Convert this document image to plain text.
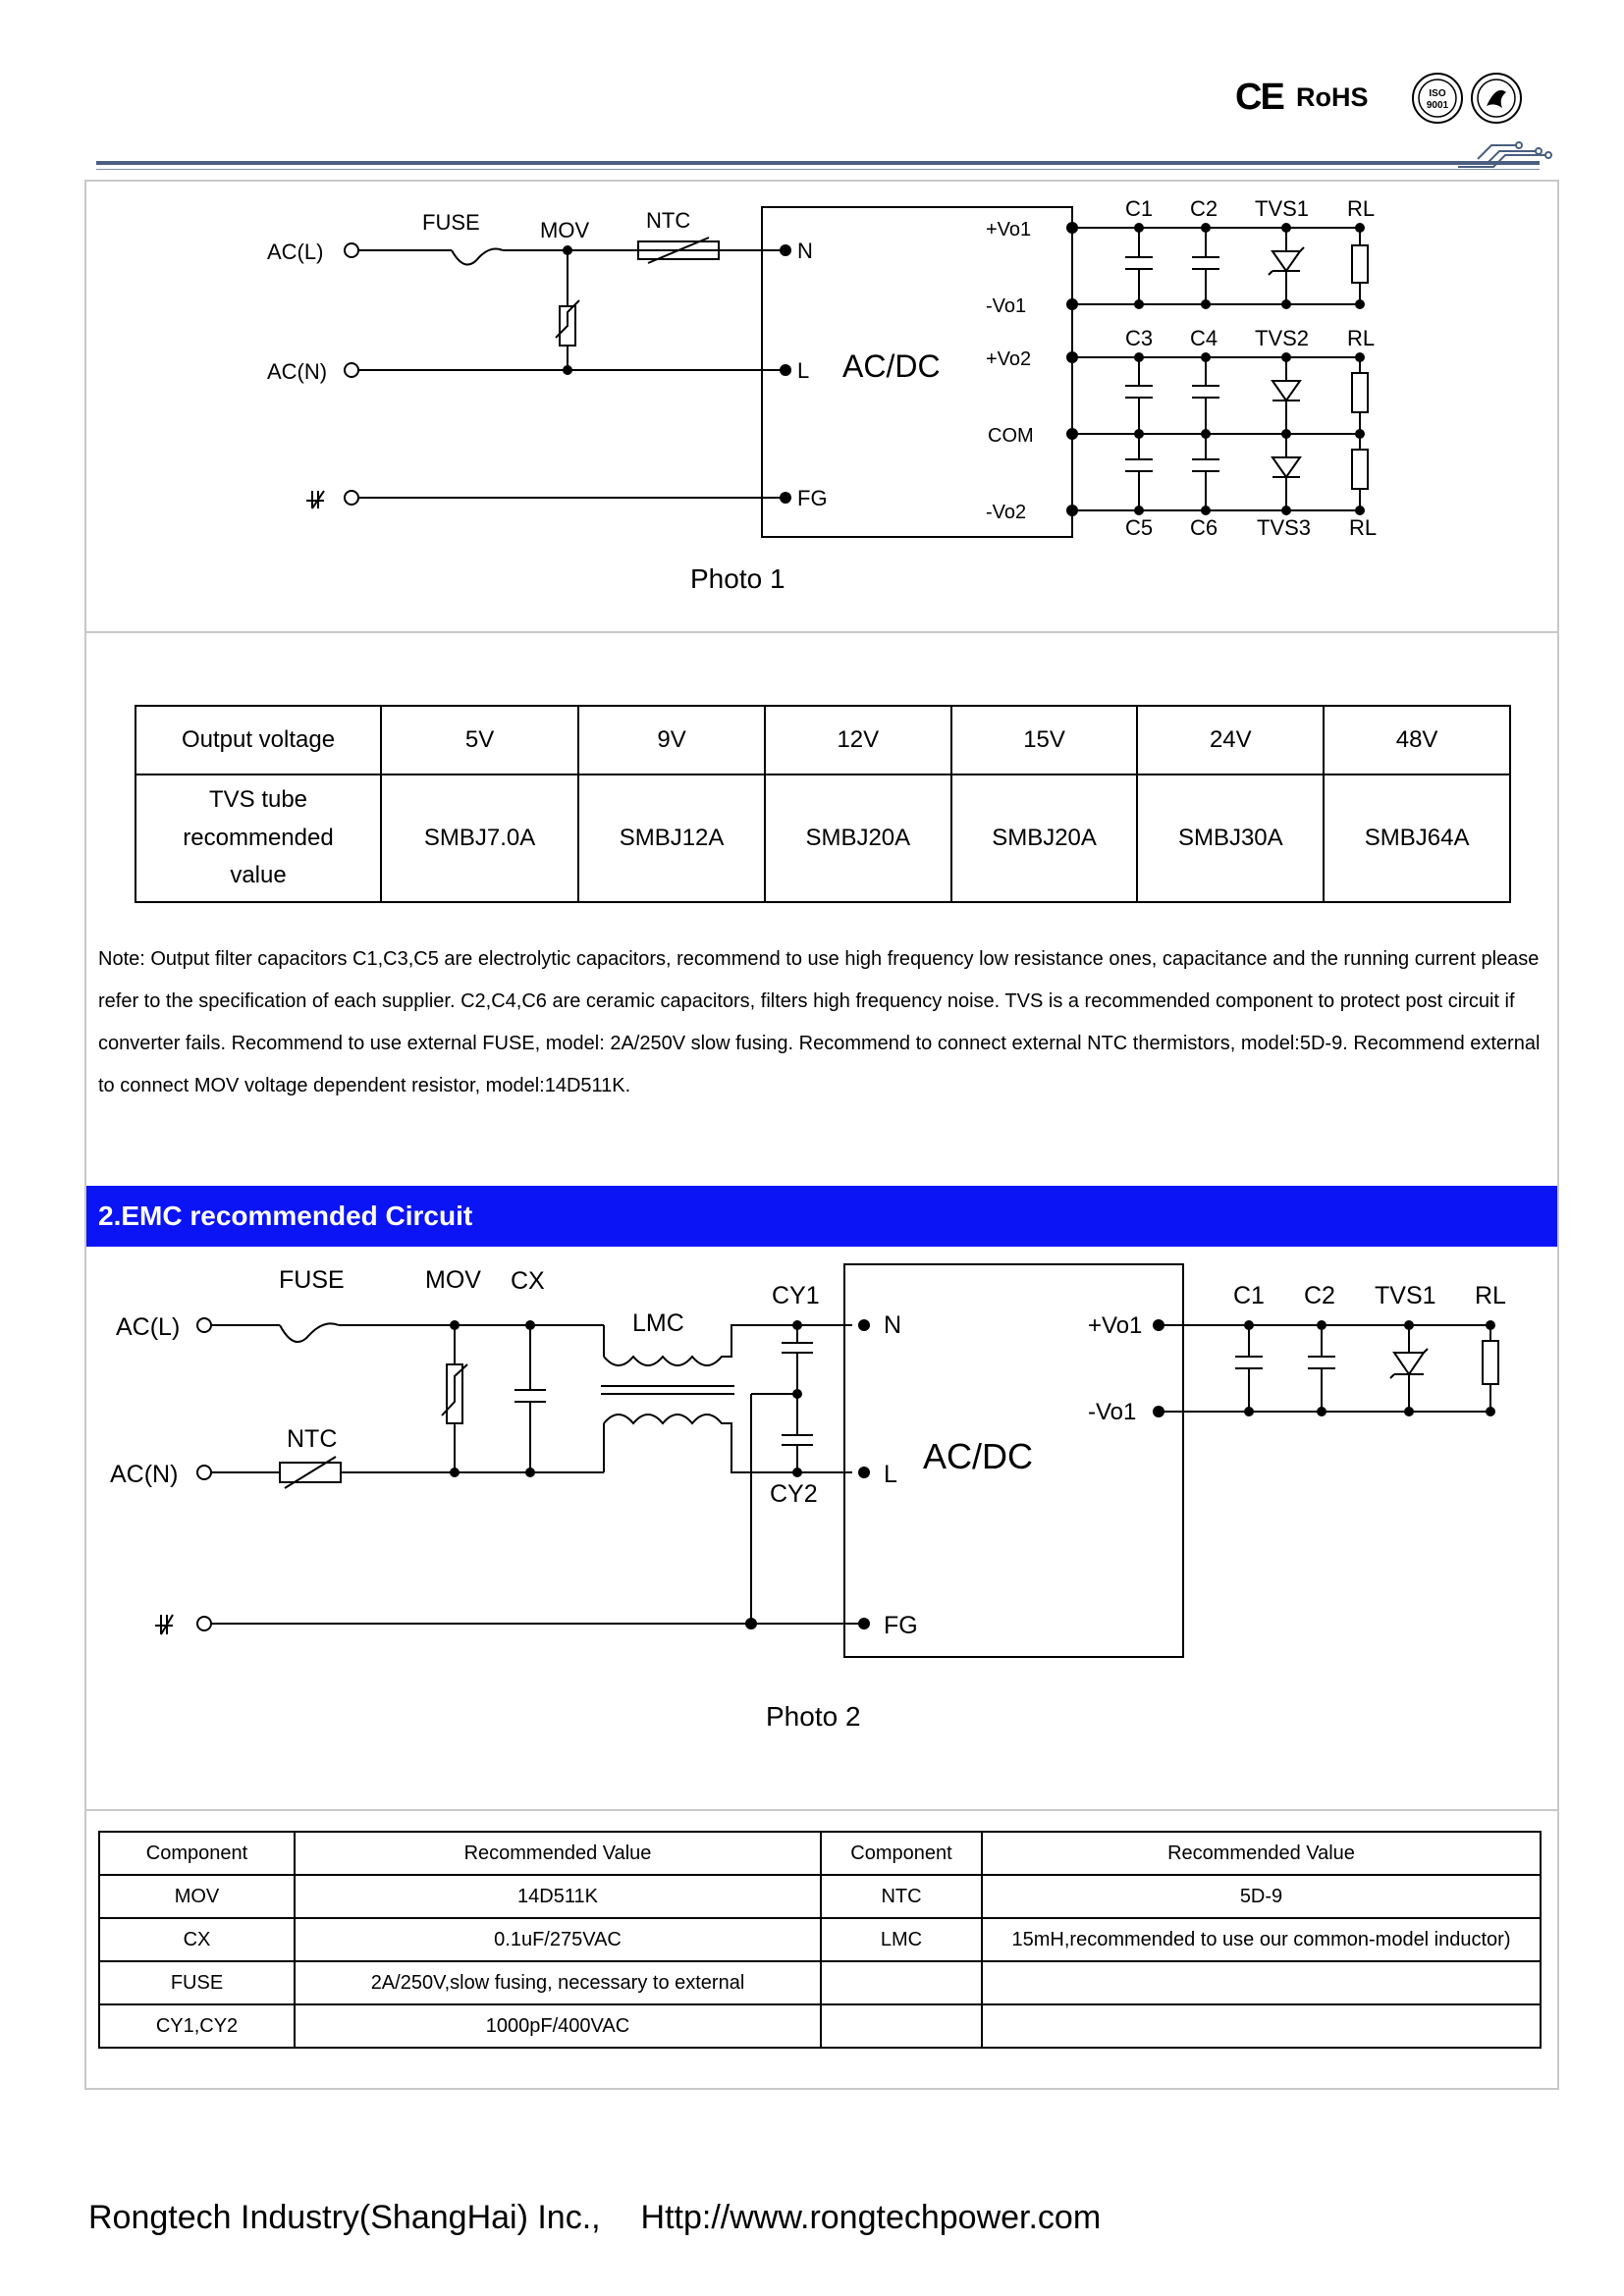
CE RoHS	ISO
9001
AC(L)
AC(N)
FUSE	MOV	NTC
N
L
FG
AC/DC
+Vo1
-Vo1
+Vo2
COM
-Vo2
C1 C2 TVS1 RL
C3 C4 TVS2 RL
C5 C6 TVS3 RL
Photo 1
Output voltage	5V	9V	12V	15V	24V	48V

TVS tube
recommended
value	SMBJ7.0A	SMBJ12A	SMBJ20A	SMBJ20A	SMBJ30A	SMBJ64A
Note: Output filter capacitors C1,C3,C5 are electrolytic capacitors, recommend to use high frequency low resistance ones, capacitance and the running current please refer to the specification of each supplier. C2,C4,C6 are ceramic capacitors, filters high frequency noise. TVS is a recommended component to protect post circuit if converter fails. Recommend to use external FUSE, model: 2A/250V slow fusing. Recommend to connect external NTC thermistors, model:5D-9. Recommend external to connect MOV voltage dependent resistor, model:14D511K.
2.EMC recommended Circuit
AC(L)
AC(N)
FUSE	MOV CX
LMC
NTC
CY1
CY2
N
L
FG
AC/DC
+Vo1
-Vo1
C1 C2 TVS1 RL
Photo 2
Component	Recommended Value	Component	Recommended Value
MOV	14D511K	NTC	5D-9
CX	0.1uF/275VAC	LMC	15mH,recommended to use our common-model inductor)
FUSE	2A/250V,slow fusing, necessary to external		
CY1,CY2	1000pF/400VAC		
Rongtech Industry(ShangHai) Inc., Http://www.rongtechpower.com
